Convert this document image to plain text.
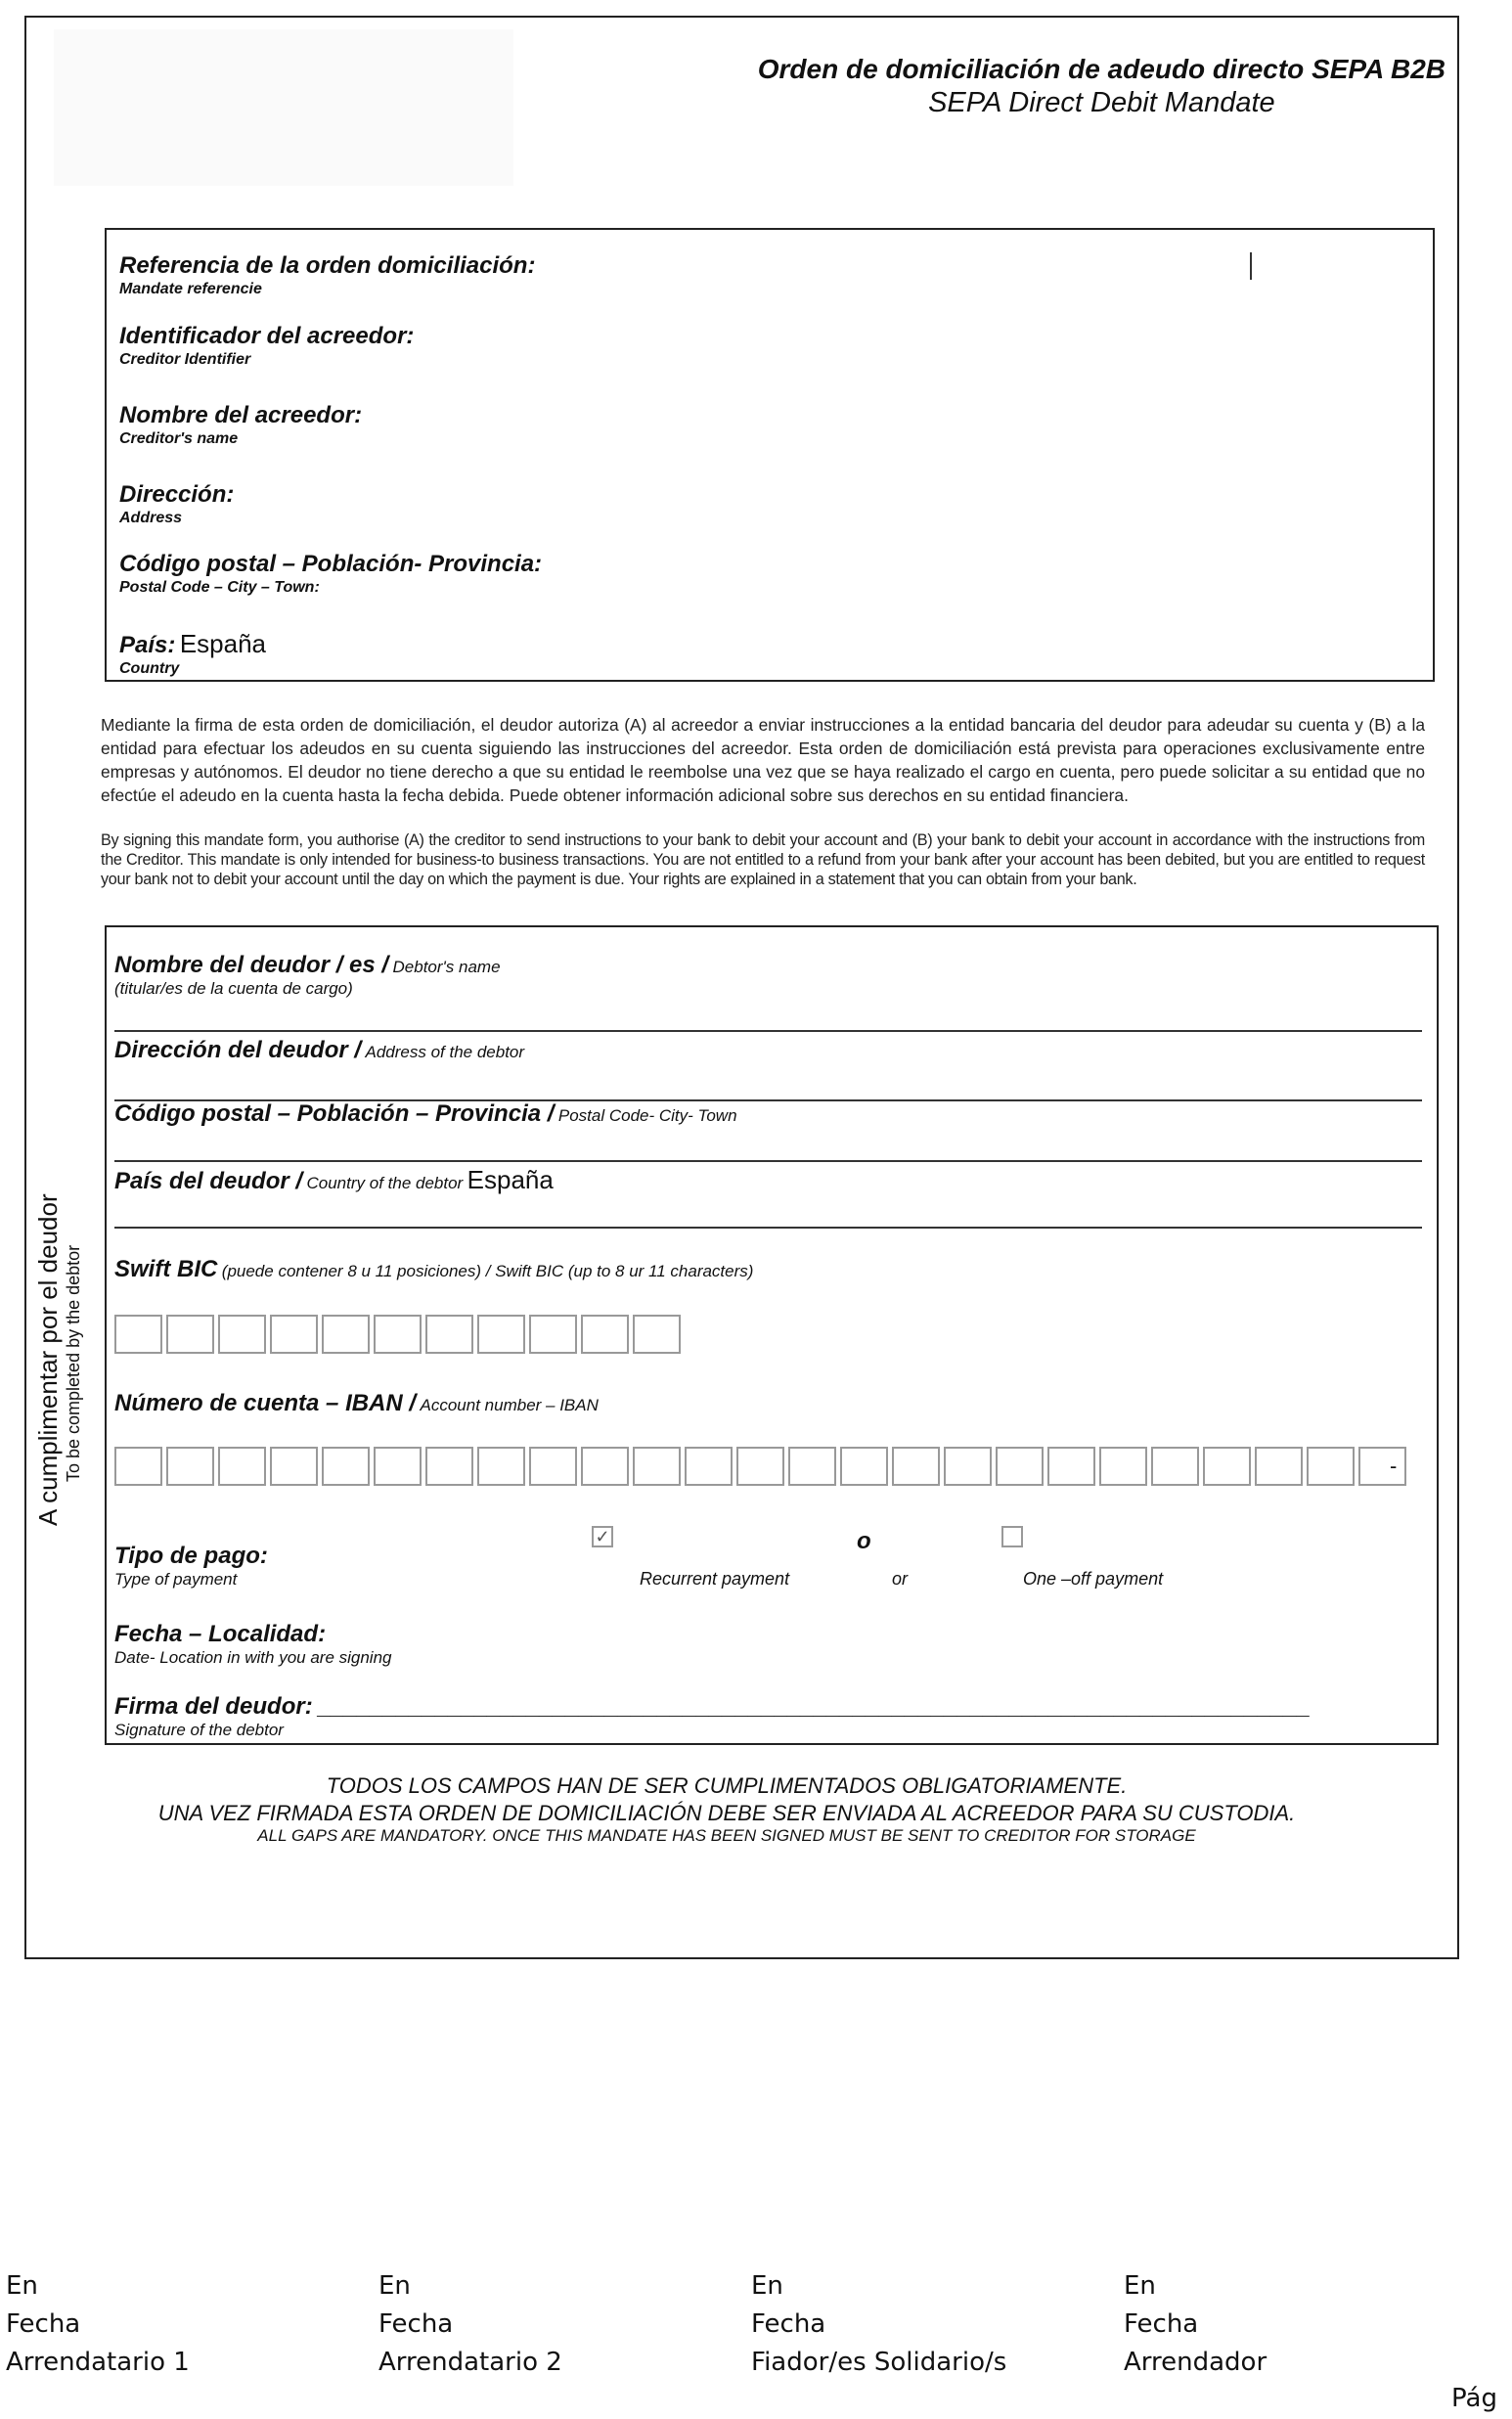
Orden de domiciliación de adeudo directo SEPA B2B
SEPA Direct Debit Mandate
Referencia de la orden domiciliación:
Mandate referencie
Identificador del acreedor:
Creditor Identifier
Nombre del acreedor:
Creditor's name
Dirección:
Address
Código postal – Población- Provincia:
Postal Code – City – Town:
País: España
Country
Mediante la firma de esta orden de domiciliación, el deudor autoriza (A) al acreedor a enviar instrucciones a la entidad bancaria del deudor para adeudar su cuenta y (B) a la entidad para efectuar los adeudos en su cuenta siguiendo las instrucciones del acreedor. Esta orden de domiciliación está prevista para operaciones exclusivamente entre empresas y autónomos. El deudor no tiene derecho a que su entidad le reembolse una vez que se haya realizado el cargo en cuenta, pero puede solicitar a su entidad que no efectúe el adeudo en la cuenta hasta la fecha debida. Puede obtener información adicional sobre sus derechos en su entidad financiera.
By signing this mandate form, you authorise (A) the creditor to send instructions to your bank to debit your account and (B) your bank to debit your account in accordance with the instructions from the Creditor. This mandate is only intended for business-to business transactions. You are not entitled to a refund from your bank after your account has been debited, but you are entitled to request your bank not to debit your account until the day on which the payment is due. Your rights are explained in a statement that you can obtain from your bank.
A cumplimentar por el deudor To be completed by the debtor
Nombre del deudor / es / Debtor's name
(titular/es de la cuenta de cargo)
Dirección del deudor / Address of the debtor
Código postal – Población – Provincia / Postal Code- City- Town
País del deudor / Country of the debtor España
Swift BIC (puede contener 8 u 11 posiciones) / Swift BIC (up to 8 ur 11 characters)
Número de cuenta – IBAN / Account number – IBAN
-
Tipo de pago:
Type of payment
✓
Recurrent payment
o
or	One –off payment
Fecha – Localidad:
Date- Location in with you are signing
Firma del deudor: ____________________________________________________________________________
Signature of the debtor
TODOS LOS CAMPOS HAN DE SER CUMPLIMENTADOS OBLIGATORIAMENTE.
UNA VEZ FIRMADA ESTA ORDEN DE DOMICILIACIÓN DEBE SER ENVIADA AL ACREEDOR PARA SU CUSTODIA.
ALL GAPS ARE MANDATORY. ONCE THIS MANDATE HAS BEEN SIGNED MUST BE SENT TO CREDITOR FOR STORAGE
En
Fecha
Arrendatario 1
En
Fecha
Arrendatario 2
En
Fecha
Fiador/es Solidario/s
En
Fecha
Arrendador
Pág
